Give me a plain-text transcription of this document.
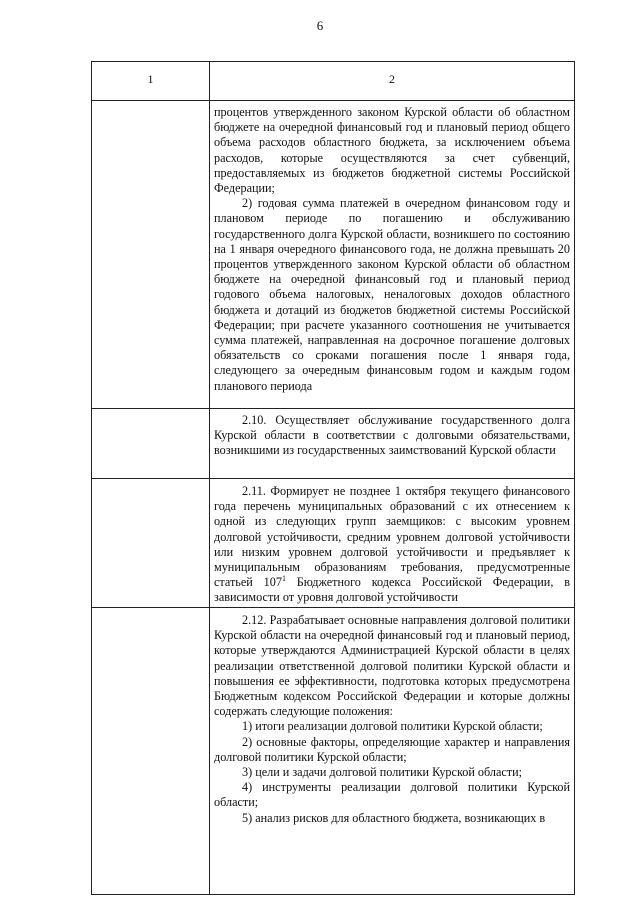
6
1	2

процентов утвержденного законом Курской области об областном бюджете на очередной финансовый год и плановый период общего объема расходов областного бюджета, за исключением объема расходов, которые осуществляются за счет субвенций, предоставляемых из бюджетов бюджетной системы Российской Федерации;

2) годовая сумма платежей в очередном финансовом году и плановом периоде по погашению и обслуживанию государственного долга Курской области, возникшего по состоянию на 1 января очередного финансового года, не должна превышать 20 процентов утвержденного законом Курской области об областном бюджете на очередной финансовый год и плановый период годового объема налоговых, неналоговых доходов областного бюджета и дотаций из бюджетов бюджетной системы Российской Федерации; при расчете указанного соотношения не учитывается сумма платежей, направленная на досрочное погашение долговых обязательств со сроками погашения после 1 января года, следующего за очередным финансовым годом и каждым годом планового периода

2.10. Осуществляет обслуживание государственного долга Курской области в соответствии с долговыми обязательствами, возникшими из государственных заимствований Курской области

2.11. Формирует не позднее 1 октября текущего финансового года перечень муниципальных образований с их отнесением к одной из следующих групп заемщиков: с высоким уровнем долговой устойчивости, средним уровнем долговой устойчивости или низким уровнем долговой устойчивости и предъявляет к муниципальным образованиям требования, предусмотренные статьей $107^1$ Бюджетного кодекса Российской Федерации, в зависимости от уровня долговой устойчивости

2.12. Разрабатывает основные направления долговой политики Курской области на очередной финансовый год и плановый период, которые утверждаются Администрацией Курской области в целях реализации ответственной долговой политики Курской области и повышения ее эффективности, подготовка которых предусмотрена Бюджетным кодексом Российской Федерации и которые должны содержать следующие положения:

1) итоги реализации долговой политики Курской области;

2) основные факторы, определяющие характер и направления долговой политики Курской области;

3) цели и задачи долговой политики Курской области;

4) инструменты реализации долговой политики Курской области;

5) анализ рисков для областного бюджета, возникающих в
